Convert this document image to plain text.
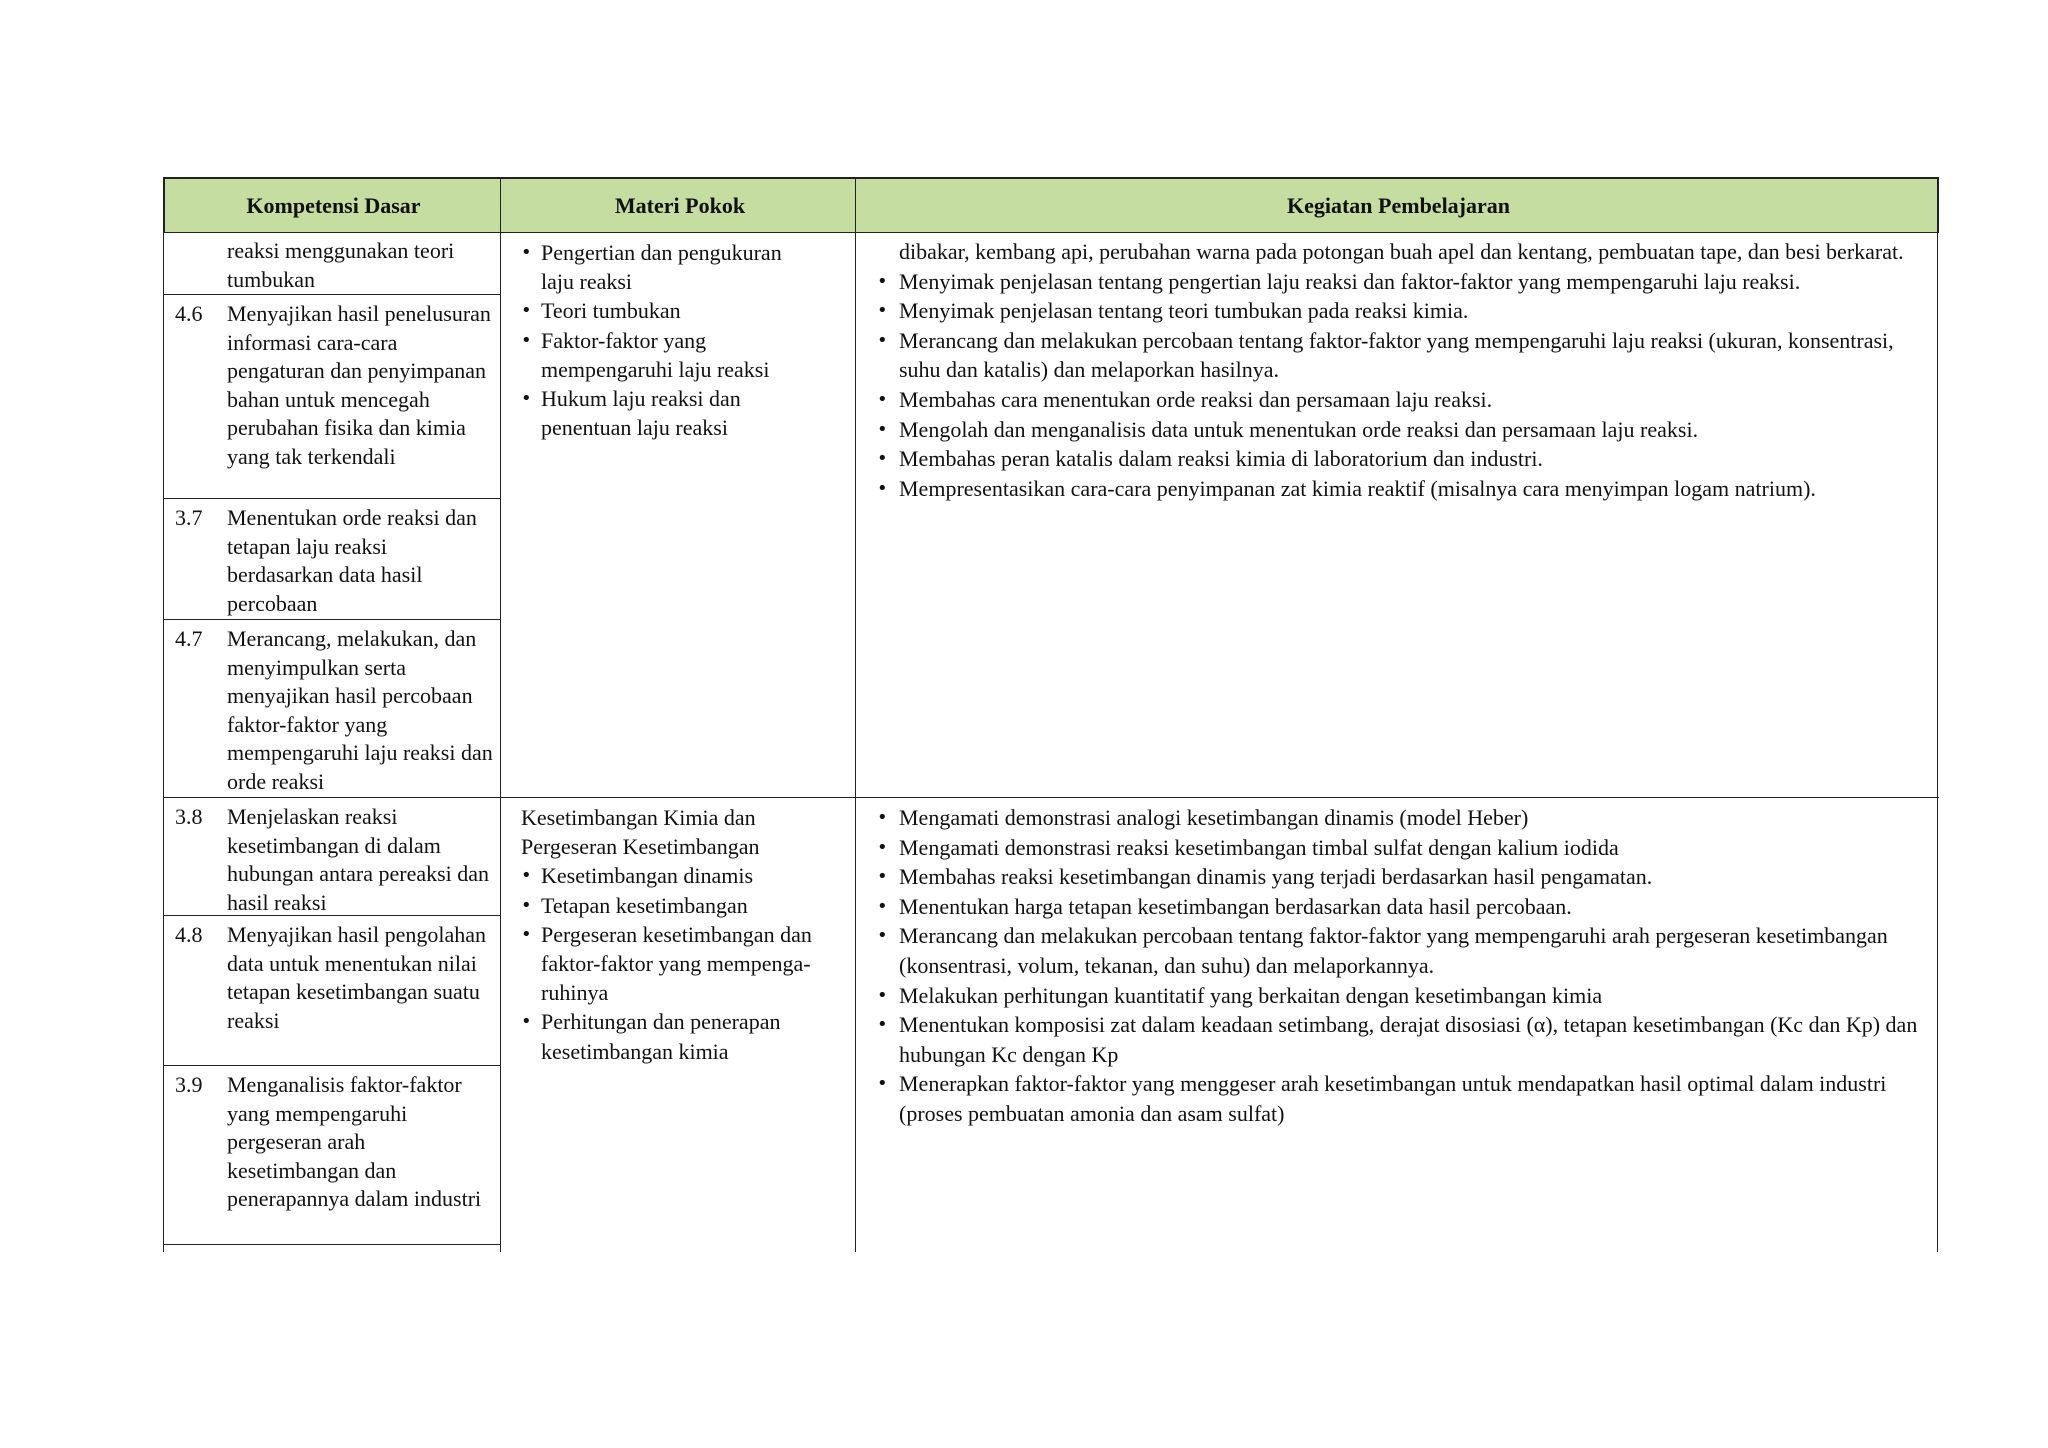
Kompetensi Dasar	Materi Pokok	Kegiatan Pembelajaran
reaksi menggunakan teori tumbukan
4.6 Menyajikan hasil penelusuran informasi cara-cara pengaturan dan penyimpanan bahan untuk mencegah perubahan fisika dan kimia yang tak terkendali
3.7 Menentukan orde reaksi dan tetapan laju reaksi berdasarkan data hasil percobaan
4.7 Merancang, melakukan, dan menyimpulkan serta menyajikan hasil percobaan faktor-faktor yang mempengaruhi laju reaksi dan orde reaksi
• Pengertian dan pengukuran laju reaksi
• Teori tumbukan
• Faktor-faktor yang mempengaruhi laju reaksi
• Hukum laju reaksi dan penentuan laju reaksi
dibakar, kembang api, perubahan warna pada potongan buah apel dan kentang, pembuatan tape, dan besi berkarat.
• Menyimak penjelasan tentang pengertian laju reaksi dan faktor-faktor yang mempengaruhi laju reaksi.
• Menyimak penjelasan tentang teori tumbukan pada reaksi kimia.
• Merancang dan melakukan percobaan tentang faktor-faktor yang mempengaruhi laju reaksi (ukuran, konsentrasi, suhu dan katalis) dan melaporkan hasilnya.
• Membahas cara menentukan orde reaksi dan persamaan laju reaksi.
• Mengolah dan menganalisis data untuk menentukan orde reaksi dan persamaan laju reaksi.
• Membahas peran katalis dalam reaksi kimia di laboratorium dan industri.
• Mempresentasikan cara-cara penyimpanan zat kimia reaktif (misalnya cara menyimpan logam natrium).
3.8 Menjelaskan reaksi kesetimbangan di dalam hubungan antara pereaksi dan hasil reaksi
4.8 Menyajikan hasil pengolahan data untuk menentukan nilai tetapan kesetimbangan suatu reaksi
3.9 Menganalisis faktor-faktor yang mempengaruhi pergeseran arah kesetimbangan dan penerapannya dalam industri
Kesetimbangan Kimia dan Pergeseran Kesetimbangan
• Kesetimbangan dinamis
• Tetapan kesetimbangan
• Pergeseran kesetimbangan dan faktor-faktor yang mempenga-ruhinya
• Perhitungan dan penerapan kesetimbangan kimia
• Mengamati demonstrasi analogi kesetimbangan dinamis (model Heber)
• Mengamati demonstrasi reaksi kesetimbangan timbal sulfat dengan kalium iodida
• Membahas reaksi kesetimbangan dinamis yang terjadi berdasarkan hasil pengamatan.
• Menentukan harga tetapan kesetimbangan berdasarkan data hasil percobaan.
• Merancang dan melakukan percobaan tentang faktor-faktor yang mempengaruhi arah pergeseran kesetimbangan (konsentrasi, volum, tekanan, dan suhu) dan melaporkannya.
• Melakukan perhitungan kuantitatif yang berkaitan dengan kesetimbangan kimia
• Menentukan komposisi zat dalam keadaan setimbang, derajat disosiasi (α), tetapan kesetimbangan (Kc dan Kp) dan hubungan Kc dengan Kp
• Menerapkan faktor-faktor yang menggeser arah kesetimbangan untuk mendapatkan hasil optimal dalam industri (proses pembuatan amonia dan asam sulfat)
